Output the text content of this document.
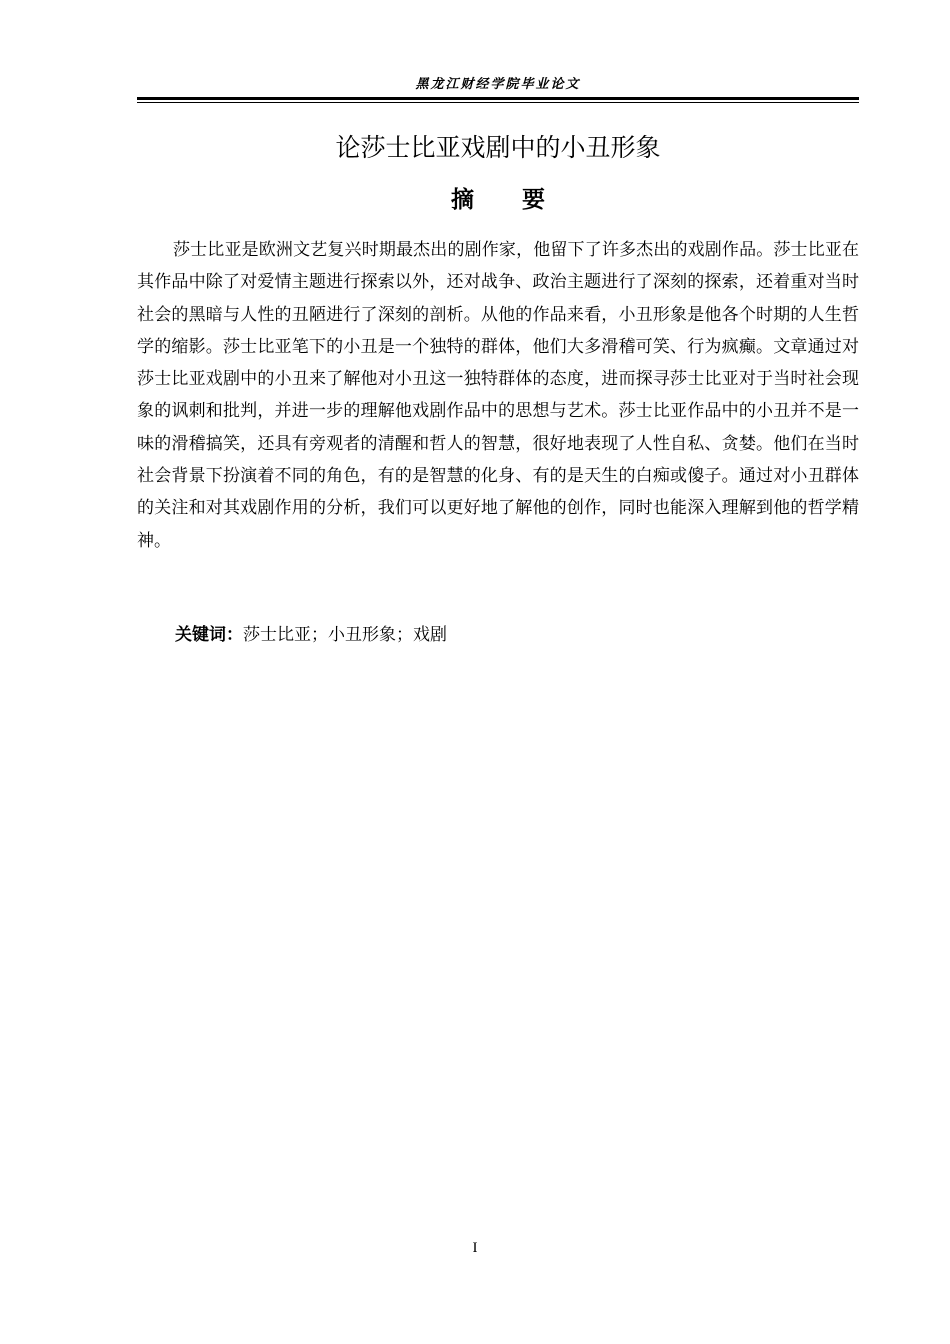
黑龙江财经学院毕业论文
论莎士比亚戏剧中的小丑形象
摘要

莎士比亚是欧洲文艺复兴时期最杰出的剧作家，他留下了许多杰出的戏剧作品。莎士比亚在其作品中除了对爱情主题进行探索以外，还对战争、政治主题进行了深刻的探索，还着重对当时社会的黑暗与人性的丑陋进行了深刻的剖析。从他的作品来看，小丑形象是他各个时期的人生哲学的缩影。莎士比亚笔下的小丑是一个独特的群体，他们大多滑稽可笑、行为疯癫。文章通过对莎士比亚戏剧中的小丑来了解他对小丑这一独特群体的态度，进而探寻莎士比亚对于当时社会现象的讽刺和批判，并进一步的理解他戏剧作品中的思想与艺术。莎士比亚作品中的小丑并不是一味的滑稽搞笑，还具有旁观者的清醒和哲人的智慧，很好地表现了人性自私、贪婪。他们在当时社会背景下扮演着不同的角色，有的是智慧的化身、有的是天生的白痴或傻子。通过对小丑群体的关注和对其戏剧作用的分析，我们可以更好地了解他的创作，同时也能深入理解到他的哲学精神。

关键词：莎士比亚；小丑形象；戏剧

I
